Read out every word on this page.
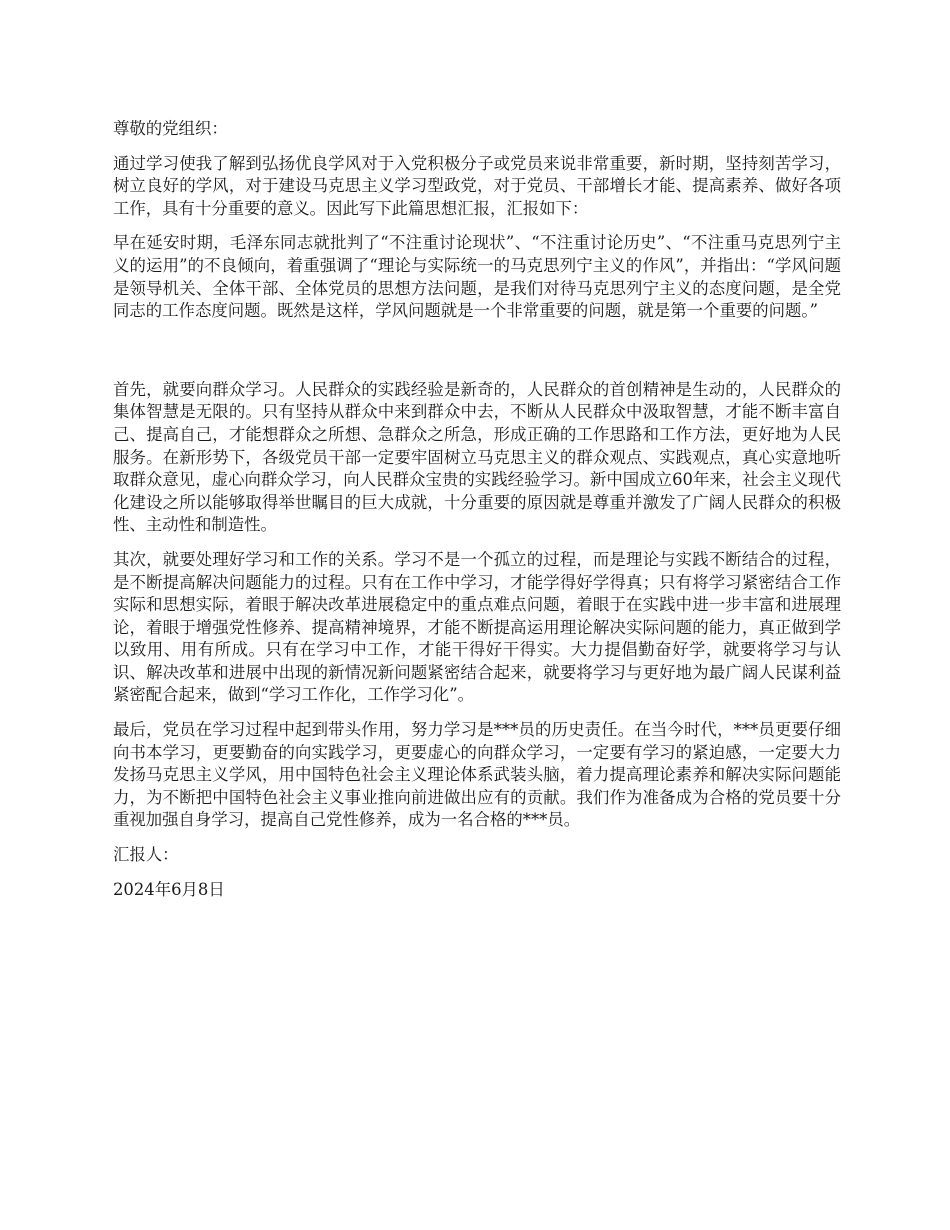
尊敬的党组织：

通过学习使我了解到弘扬优良学风对于入党积极分子或党员来说非常重要，新时期，坚持刻苦学习，树立良好的学风，对于建设马克思主义学习型政党，对于党员、干部增长才能、提高素养、做好各项工作，具有十分重要的意义。因此写下此篇思想汇报，汇报如下：

早在延安时期，毛泽东同志就批判了“不注重讨论现状”、“不注重讨论历史”、“不注重马克思列宁主义的运用”的不良倾向，着重强调了“理论与实际统一的马克思列宁主义的作风”，并指出：“学风问题是领导机关、全体干部、全体党员的思想方法问题，是我们对待马克思列宁主义的态度问题，是全党同志的工作态度问题。既然是这样，学风问题就是一个非常重要的问题，就是第一个重要的问题。”

首先，就要向群众学习。人民群众的实践经验是新奇的，人民群众的首创精神是生动的，人民群众的集体智慧是无限的。只有坚持从群众中来到群众中去，不断从人民群众中汲取智慧，才能不断丰富自己、提高自己，才能想群众之所想、急群众之所急，形成正确的工作思路和工作方法，更好地为人民服务。在新形势下，各级党员干部一定要牢固树立马克思主义的群众观点、实践观点，真心实意地听取群众意见，虚心向群众学习，向人民群众宝贵的实践经验学习。新中国成立60年来，社会主义现代化建设之所以能够取得举世瞩目的巨大成就，十分重要的原因就是尊重并激发了广阔人民群众的积极性、主动性和制造性。

其次，就要处理好学习和工作的关系。学习不是一个孤立的过程，而是理论与实践不断结合的过程，是不断提高解决问题能力的过程。只有在工作中学习，才能学得好学得真；只有将学习紧密结合工作实际和思想实际，着眼于解决改革进展稳定中的重点难点问题，着眼于在实践中进一步丰富和进展理论，着眼于增强党性修养、提高精神境界，才能不断提高运用理论解决实际问题的能力，真正做到学以致用、用有所成。只有在学习中工作，才能干得好干得实。大力提倡勤奋好学，就要将学习与认识、解决改革和进展中出现的新情况新问题紧密结合起来，就要将学习与更好地为最广阔人民谋利益紧密配合起来，做到“学习工作化，工作学习化”。

最后，党员在学习过程中起到带头作用，努力学习是***员的历史责任。在当今时代，***员更要仔细向书本学习，更要勤奋的向实践学习，更要虚心的向群众学习，一定要有学习的紧迫感，一定要大力发扬马克思主义学风，用中国特色社会主义理论体系武装头脑，着力提高理论素养和解决实际问题能力，为不断把中国特色社会主义事业推向前进做出应有的贡献。我们作为准备成为合格的党员要十分重视加强自身学习，提高自己党性修养，成为一名合格的***员。

汇报人：

2024年6月8日
